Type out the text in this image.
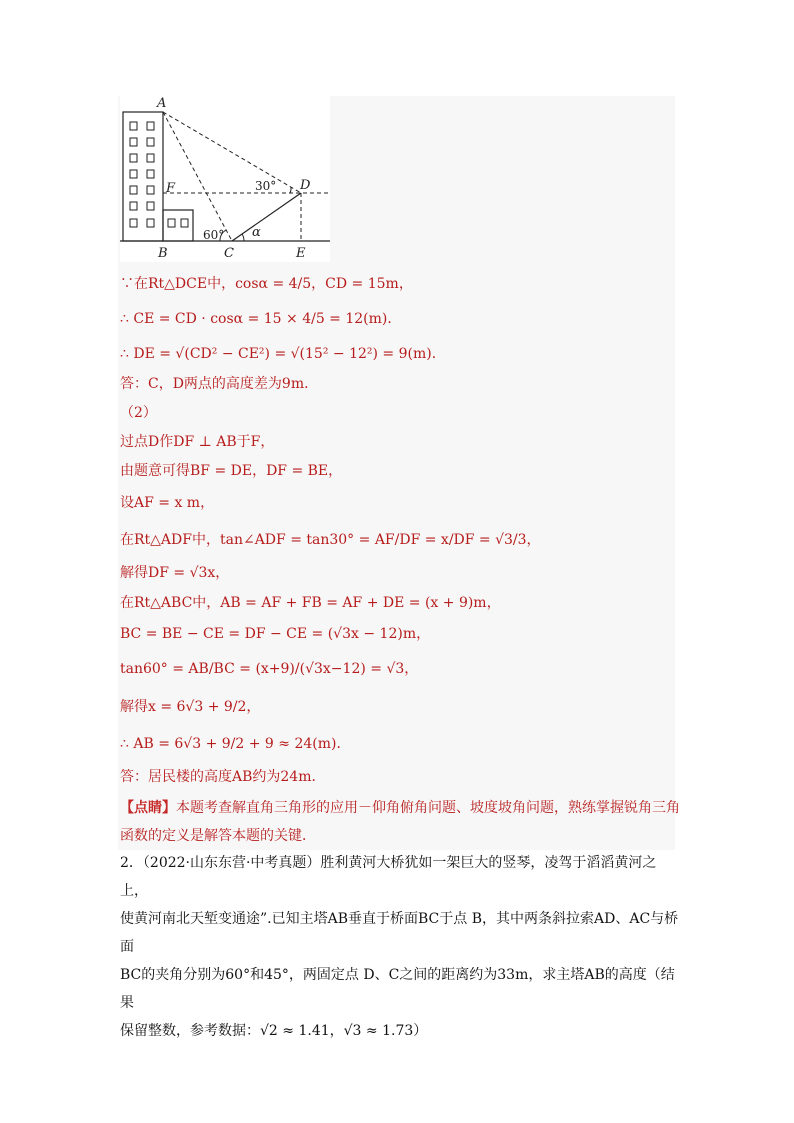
A
F
B	C	E
D
α
60°
30°
∵在Rt△DCE中，cosα = 4/5，CD = 15m，
∴ CE = CD · cosα = 15 × 4/5 = 12(m)．
∴ DE = √(CD² − CE²) = √(15² − 12²) = 9(m)．
答：C，D两点的高度差为9m．
（2）
过点D作DF ⊥ AB于F，
由题意可得BF = DE，DF = BE，
设AF = x m，
在Rt△ADF中，tan∠ADF = tan30° = AF/DF = x/DF = √3/3，
解得DF = √3x，
在Rt△ABC中，AB = AF + FB = AF + DE = (x + 9)m，
BC = BE − CE = DF − CE = (√3x − 12)m，
tan60° = AB/BC = (x+9)/(√3x−12) = √3，
解得x = 6√3 + 9/2，
∴ AB = 6√3 + 9/2 + 9 ≈ 24(m)．
答：居民楼的高度AB约为24m．
【点睛】本题考查解直角三角形的应用－仰角俯角问题、坡度坡角问题，熟练掌握锐角三角
函数的定义是解答本题的关键．
2．（2022·山东东营·中考真题）胜利黄河大桥犹如一架巨大的竖琴，凌驾于滔滔黄河之上，
使黄河南北天堑变通途”.已知主塔AB垂直于桥面BC于点 B，其中两条斜拉索AD、AC与桥面
BC的夹角分别为60°和45°，两固定点 D、C之间的距离约为33m，求主塔AB的高度（结果
保留整数，参考数据：√2 ≈ 1.41，√3 ≈ 1.73）
